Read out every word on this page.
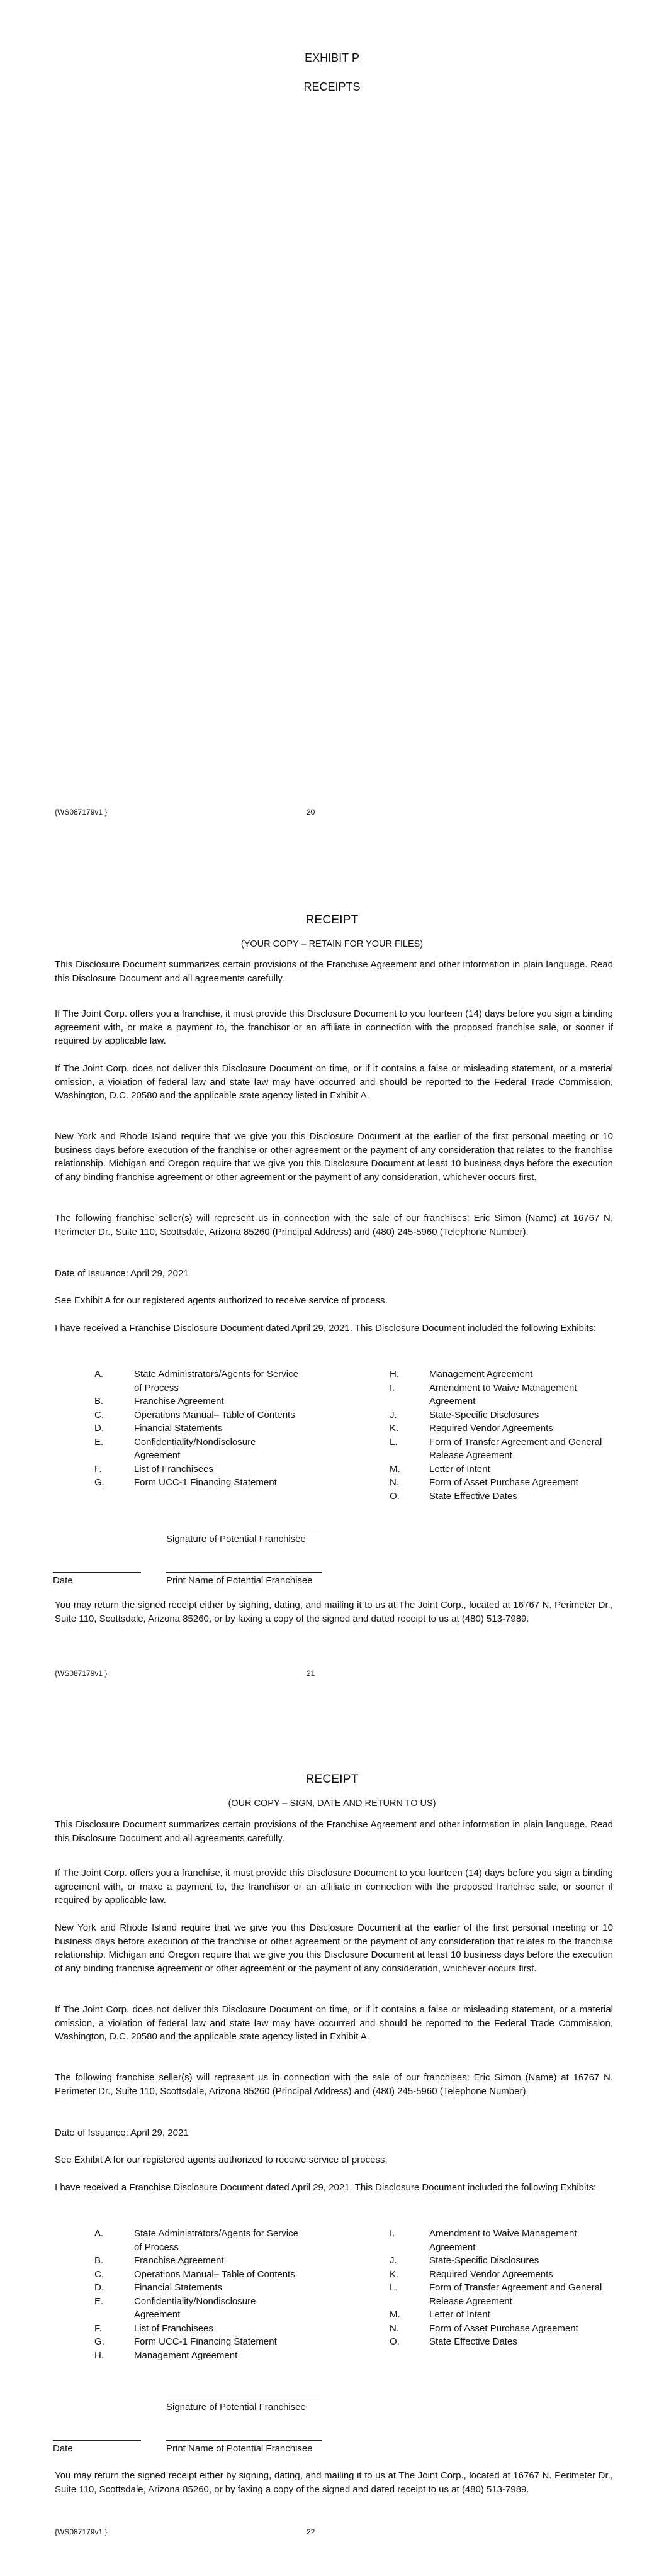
EXHIBIT P
RECEIPTS
{WS087179v1 }	20
RECEIPT
(YOUR COPY – RETAIN FOR YOUR FILES)

This Disclosure Document summarizes certain provisions of the Franchise Agreement and other information in plain language. Read this Disclosure Document and all agreements carefully.

If The Joint Corp. offers you a franchise, it must provide this Disclosure Document to you fourteen (14) days before you sign a binding agreement with, or make a payment to, the franchisor or an affiliate in connection with the proposed franchise sale, or sooner if required by applicable law.

If The Joint Corp. does not deliver this Disclosure Document on time, or if it contains a false or misleading statement, or a material omission, a violation of federal law and state law may have occurred and should be reported to the Federal Trade Commission, Washington, D.C. 20580 and the applicable state agency listed in Exhibit A.

New York and Rhode Island require that we give you this Disclosure Document at the earlier of the first personal meeting or 10 business days before execution of the franchise or other agreement or the payment of any consideration that relates to the franchise relationship. Michigan and Oregon require that we give you this Disclosure Document at least 10 business days before the execution of any binding franchise agreement or other agreement or the payment of any consideration, whichever occurs first.

The following franchise seller(s) will represent us in connection with the sale of our franchises: Eric Simon (Name) at 16767 N. Perimeter Dr., Suite 110, Scottsdale, Arizona 85260 (Principal Address) and (480) 245-5960 (Telephone Number).

Date of Issuance: April 29, 2021

See Exhibit A for our registered agents authorized to receive service of process.

I have received a Franchise Disclosure Document dated April 29, 2021. This Disclosure Document included the following Exhibits:

A.	State Administrators/Agents for Service of Process
B.	Franchise Agreement
C.	Operations Manual– Table of Contents
D.	Financial Statements
E.	Confidentiality/Nondisclosure Agreement
F.	List of Franchisees
G.	Form UCC-1 Financing Statement
H.	Management Agreement
I.	Amendment to Waive Management Agreement
J.	State-Specific Disclosures
K.	Required Vendor Agreements
L.	Form of Transfer Agreement and General Release Agreement
M.	Letter of Intent
N.	Form of Asset Purchase Agreement
O.	State Effective Dates
Signature of Potential Franchisee
Date	Print Name of Potential Franchisee

You may return the signed receipt either by signing, dating, and mailing it to us at The Joint Corp., located at 16767 N. Perimeter Dr., Suite 110, Scottsdale, Arizona 85260, or by faxing a copy of the signed and dated receipt to us at (480) 513-7989.

{WS087179v1 }	21
RECEIPT
(OUR COPY – SIGN, DATE AND RETURN TO US)

This Disclosure Document summarizes certain provisions of the Franchise Agreement and other information in plain language. Read this Disclosure Document and all agreements carefully.

If The Joint Corp. offers you a franchise, it must provide this Disclosure Document to you fourteen (14) days before you sign a binding agreement with, or make a payment to, the franchisor or an affiliate in connection with the proposed franchise sale, or sooner if required by applicable law.

New York and Rhode Island require that we give you this Disclosure Document at the earlier of the first personal meeting or 10 business days before execution of the franchise or other agreement or the payment of any consideration that relates to the franchise relationship. Michigan and Oregon require that we give you this Disclosure Document at least 10 business days before the execution of any binding franchise agreement or other agreement or the payment of any consideration, whichever occurs first.

If The Joint Corp. does not deliver this Disclosure Document on time, or if it contains a false or misleading statement, or a material omission, a violation of federal law and state law may have occurred and should be reported to the Federal Trade Commission, Washington, D.C. 20580 and the applicable state agency listed in Exhibit A.

The following franchise seller(s) will represent us in connection with the sale of our franchises: Eric Simon (Name) at 16767 N. Perimeter Dr., Suite 110, Scottsdale, Arizona 85260 (Principal Address) and (480) 245-5960 (Telephone Number).

Date of Issuance: April 29, 2021

See Exhibit A for our registered agents authorized to receive service of process.

I have received a Franchise Disclosure Document dated April 29, 2021. This Disclosure Document included the following Exhibits:

A.	State Administrators/Agents for Service of Process
B.	Franchise Agreement
C.	Operations Manual– Table of Contents
D.	Financial Statements
E.	Confidentiality/Nondisclosure Agreement
F.	List of Franchisees
G.	Form UCC-1 Financing Statement
H.	Management Agreement
I.	Amendment to Waive Management Agreement
J.	State-Specific Disclosures
K.	Required Vendor Agreements
L.	Form of Transfer Agreement and General Release Agreement
M.	Letter of Intent
N.	Form of Asset Purchase Agreement
O.	State Effective Dates
Signature of Potential Franchisee
Date	Print Name of Potential Franchisee

You may return the signed receipt either by signing, dating, and mailing it to us at The Joint Corp., located at 16767 N. Perimeter Dr., Suite 110, Scottsdale, Arizona 85260, or by faxing a copy of the signed and dated receipt to us at (480) 513-7989.

{WS087179v1 }	22
